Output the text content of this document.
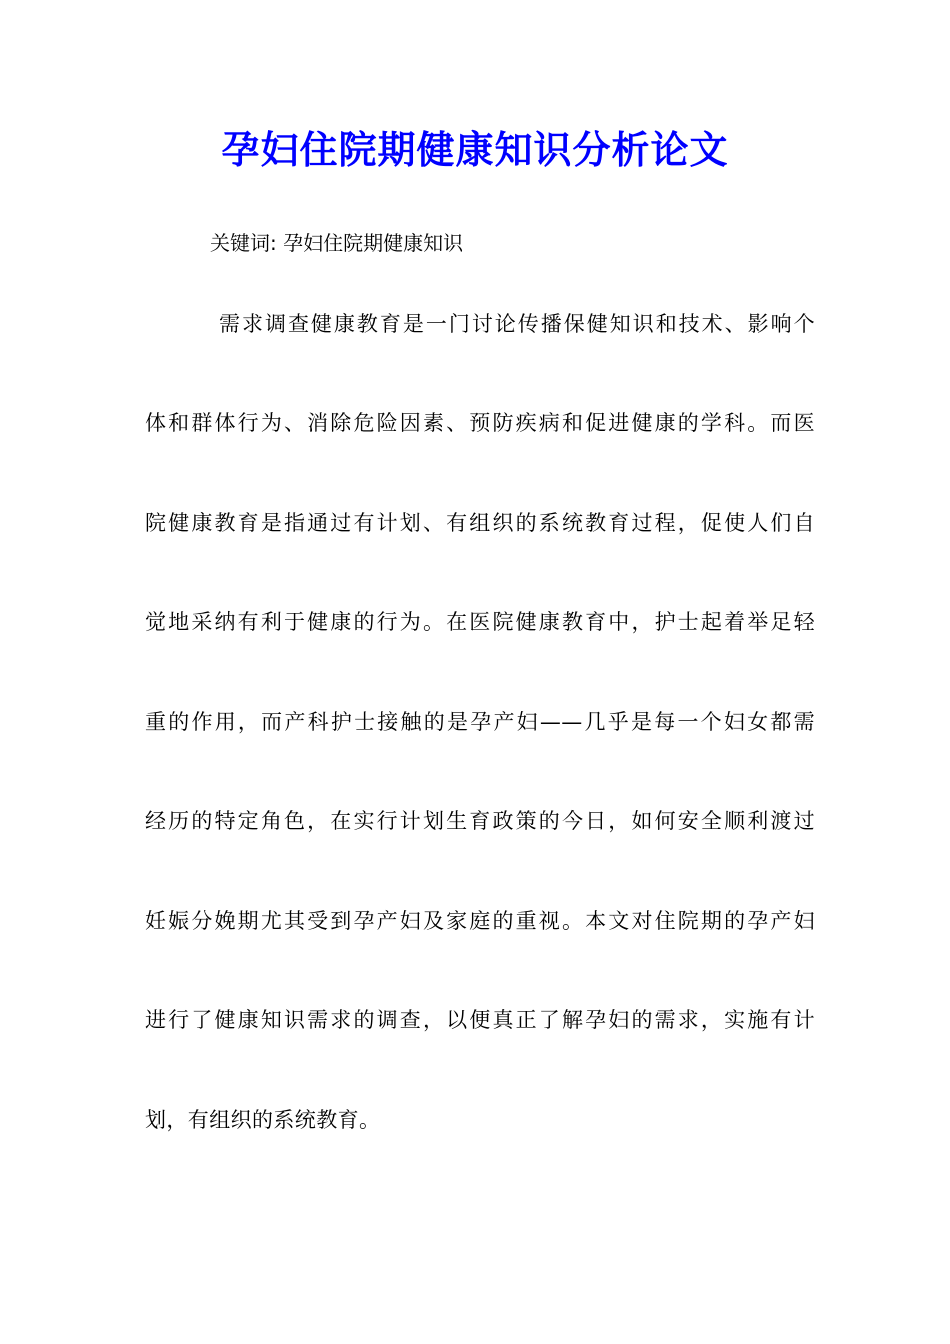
孕妇住院期健康知识分析论文
关键词: 孕妇住院期健康知识
需求调查健康教育是一门讨论传播保健知识和技术、影响个
体和群体行为、消除危险因素、预防疾病和促进健康的学科。而医
院健康教育是指通过有计划、有组织的系统教育过程，促使人们自
觉地采纳有利于健康的行为。在医院健康教育中，护士起着举足轻
重的作用，而产科护士接触的是孕产妇——几乎是每一个妇女都需
经历的特定角色，在实行计划生育政策的今日，如何安全顺利渡过
妊娠分娩期尤其受到孕产妇及家庭的重视。本文对住院期的孕产妇
进行了健康知识需求的调查，以便真正了解孕妇的需求，实施有计
划，有组织的系统教育。
